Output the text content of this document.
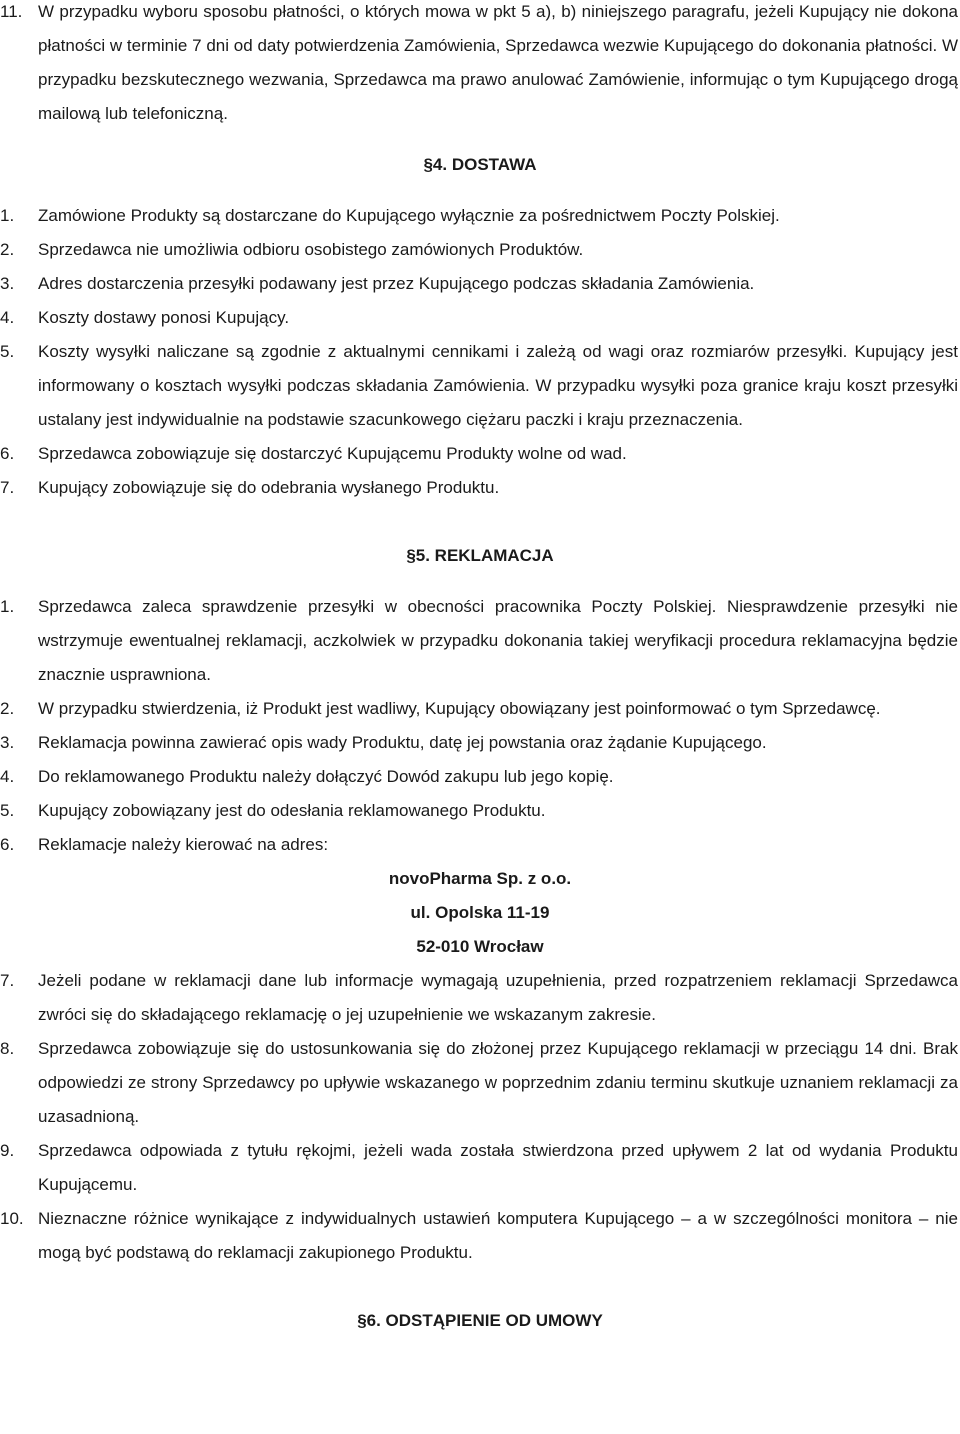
11. W przypadku wyboru sposobu płatności, o których mowa w pkt 5 a), b) niniejszego paragrafu, jeżeli Kupujący nie dokona płatności w terminie 7 dni od daty potwierdzenia Zamówienia, Sprzedawca wezwie Kupującego do dokonania płatności. W przypadku bezskutecznego wezwania, Sprzedawca ma prawo anulować Zamówienie, informując o tym Kupującego drogą mailową lub telefoniczną.
§4. DOSTAWA
1. Zamówione Produkty są dostarczane do Kupującego wyłącznie za pośrednictwem Poczty Polskiej.
2. Sprzedawca nie umożliwia odbioru osobistego zamówionych Produktów.
3. Adres dostarczenia przesyłki podawany jest przez Kupującego podczas składania Zamówienia.
4. Koszty dostawy ponosi Kupujący.
5. Koszty wysyłki naliczane są zgodnie z aktualnymi cennikami i zależą od wagi oraz rozmiarów przesyłki. Kupujący jest informowany o kosztach wysyłki podczas składania Zamówienia. W przypadku wysyłki poza granice kraju koszt przesyłki ustalany jest indywidualnie na podstawie szacunkowego ciężaru paczki i kraju przeznaczenia.
6. Sprzedawca zobowiązuje się dostarczyć Kupującemu Produkty wolne od wad.
7. Kupujący zobowiązuje się do odebrania wysłanego Produktu.
§5. REKLAMACJA
1. Sprzedawca zaleca sprawdzenie przesyłki w obecności pracownika Poczty Polskiej. Niesprawdzenie przesyłki nie wstrzymuje ewentualnej reklamacji, aczkolwiek w przypadku dokonania takiej weryfikacji procedura reklamacyjna będzie znacznie usprawniona.
2. W przypadku stwierdzenia, iż Produkt jest wadliwy, Kupujący obowiązany jest poinformować o tym Sprzedawcę.
3. Reklamacja powinna zawierać opis wady Produktu, datę jej powstania oraz żądanie Kupującego.
4. Do reklamowanego Produktu należy dołączyć Dowód zakupu lub jego kopię.
5. Kupujący zobowiązany jest do odesłania reklamowanego Produktu.
6. Reklamacje należy kierować na adres:
novoPharma Sp. z o.o.
ul. Opolska 11-19
52-010 Wrocław
7. Jeżeli podane w reklamacji dane lub informacje wymagają uzupełnienia, przed rozpatrzeniem reklamacji Sprzedawca zwróci się do składającego reklamację o jej uzupełnienie we wskazanym zakresie.
8. Sprzedawca zobowiązuje się do ustosunkowania się do złożonej przez Kupującego reklamacji w przeciągu 14 dni. Brak odpowiedzi ze strony Sprzedawcy po upływie wskazanego w poprzednim zdaniu terminu skutkuje uznaniem reklamacji za uzasadnioną.
9. Sprzedawca odpowiada z tytułu rękojmi, jeżeli wada została stwierdzona przed upływem 2 lat od wydania Produktu Kupującemu.
10. Nieznaczne różnice wynikające z indywidualnych ustawień komputera Kupującego – a w szczególności monitora – nie mogą być podstawą do reklamacji zakupionego Produktu.
§6. ODSTĄPIENIE OD UMOWY
